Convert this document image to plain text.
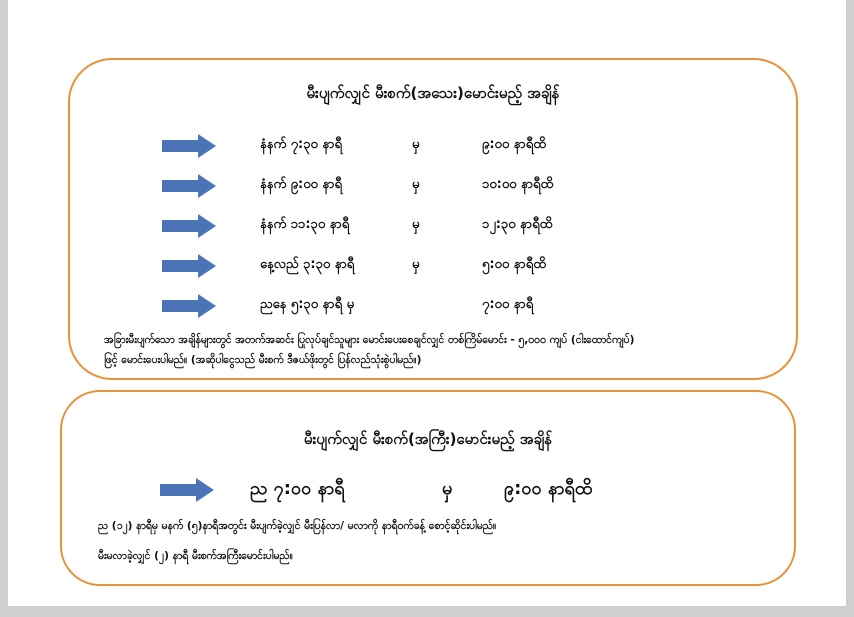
မီးပျက်လျှင် မီးစက်(အသေး)မောင်းမည့် အချိန်
နံနက် ၇:၃၀ နာရီ	မှ	၉:၀၀ နာရီထိ
နံနက် ၉:၀၀ နာရီ	မှ	၁၀:၀၀ နာရီထိ
နံနက် ၁၁:၃၀ နာရီ	မှ	၁၂:၃၀ နာရီထိ
နေ့လည် ၃:၃၀ နာရီ	မှ	၅:၀၀ နာရီထိ
ညနေ ၅:၃၀ နာရီ မှ	၇:၀၀ နာရီ
အခြားမီးပျက်သော အချိန်များတွင် အတက်အဆင်း ပြုလုပ်ချင်သူများ မောင်းပေးစေချင်လျှင် တစ်ကြိမ်မောင်း - ၅,၀၀၀ ကျပ် (ငါးထောင်ကျပ်)
ဖြင့် မောင်းပေးပါမည်။ (အဆိုပါငွေသည် မီးစက် ဒီဇယ်ဖိုးတွင် ပြန်လည်သုံးစွဲပါမည်။)
မီးပျက်လျှင် မီးစက်(အကြီး)မောင်းမည့် အချိန်
ည ၇:၀၀ နာရီ	မှ	၉:၀၀ နာရီထိ
ည (၁၂) နာရီမှ မနက် (၅)နာရီအတွင်း မီးပျက်ခဲ့လျှင် မီးပြန်လာ/ မလာကို နာရီဝက်ခန့် စောင့်ဆိုင်းပါမည်။
မီးမလာခဲ့လျှင် (၂) နာရီ မီးစက်အကြီးမောင်းပါမည်။
